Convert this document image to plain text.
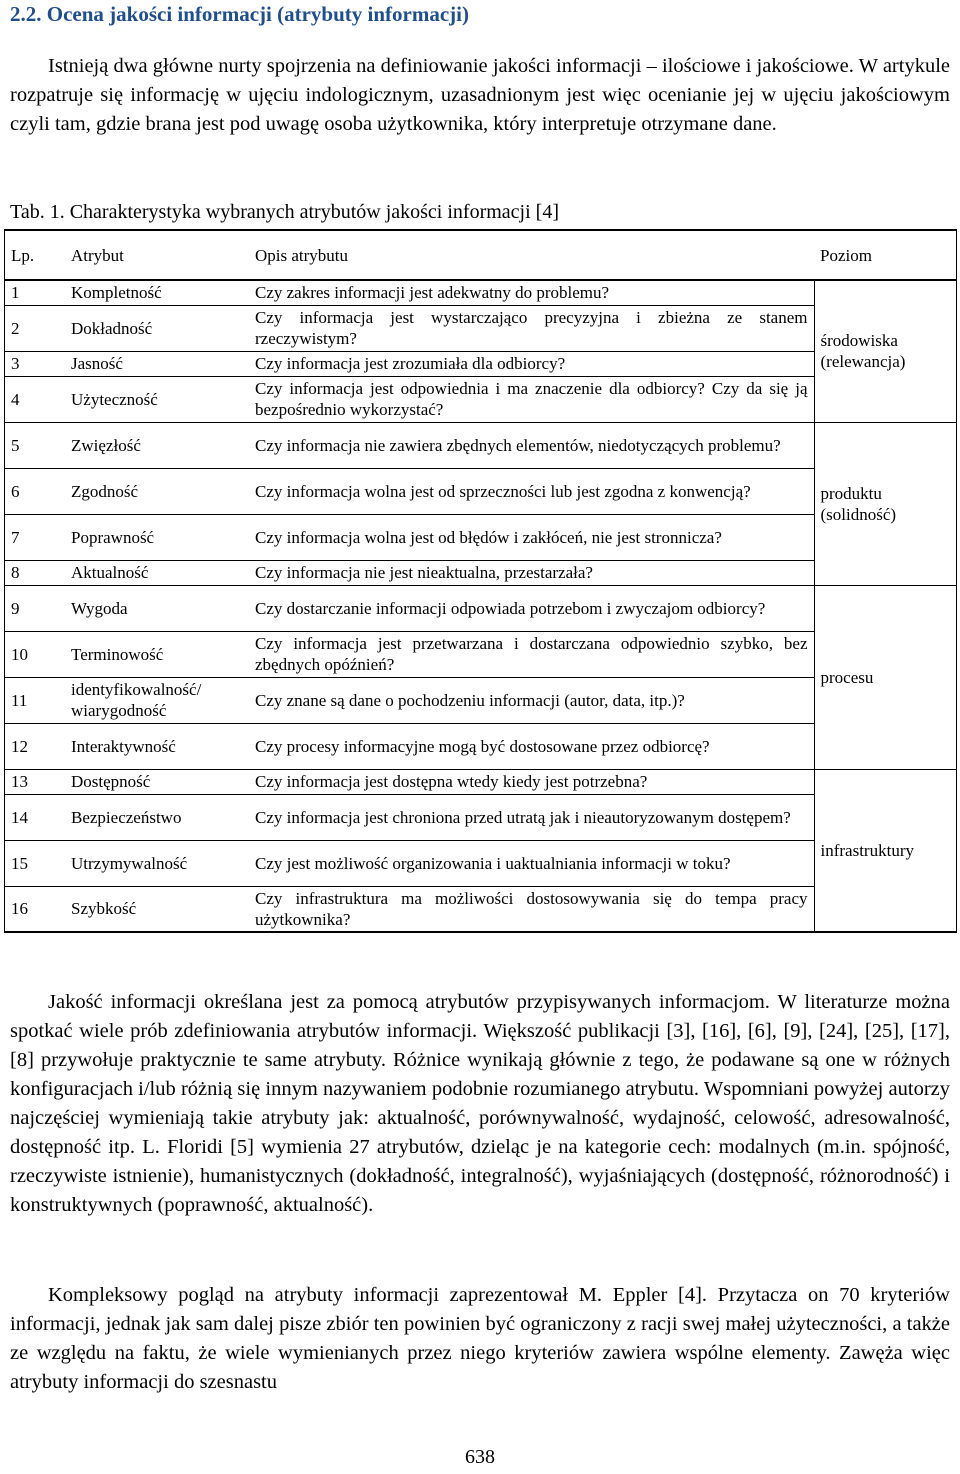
2.2. Ocena jakości informacji (atrybuty informacji)

Istnieją dwa główne nurty spojrzenia na definiowanie jakości informacji – ilościowe i jakościowe. W artykule rozpatruje się informację w ujęciu indologicznym, uzasadnionym jest więc ocenianie jej w ujęciu jakościowym czyli tam, gdzie brana jest pod uwagę osoba użytkownika, który interpretuje otrzymane dane.

Tab. 1. Charakterystyka wybranych atrybutów jakości informacji [4]
Lp.	Atrybut	Opis atrybutu	Poziom
1	Kompletność	Czy zakres informacji jest adekwatny do problemu?	środowiska (relewancja)
2	Dokładność	Czy informacja jest wystarczająco precyzyjna i zbieżna ze stanem rzeczywistym?	
3	Jasność	Czy informacja jest zrozumiała dla odbiorcy?	
4	Użyteczność	Czy informacja jest odpowiednia i ma znaczenie dla odbiorcy? Czy da się ją bezpośrednio wykorzystać?	
5	Zwięzłość	Czy informacja nie zawiera zbędnych elementów, niedotyczących problemu?	produktu (solidność)
6	Zgodność	Czy informacja wolna jest od sprzeczności lub jest zgodna z konwencją?	
7	Poprawność	Czy informacja wolna jest od błędów i zakłóceń, nie jest stronnicza?	
8	Aktualność	Czy informacja nie jest nieaktualna, przestarzała?	
9	Wygoda	Czy dostarczanie informacji odpowiada potrzebom i zwyczajom odbiorcy?	procesu
10	Terminowość	Czy informacja jest przetwarzana i dostarczana odpowiednio szybko, bez zbędnych opóźnień?	
11	identyfikowalność/ wiarygodność	Czy znane są dane o pochodzeniu informacji (autor, data, itp.)?	
12	Interaktywność	Czy procesy informacyjne mogą być dostosowane przez odbiorcę?	
13	Dostępność	Czy informacja jest dostępna wtedy kiedy jest potrzebna?	infrastruktury
14	Bezpieczeństwo	Czy informacja jest chroniona przed utratą jak i nieautoryzowanym dostępem?	
15	Utrzymywalność	Czy jest możliwość organizowania i uaktualniania informacji w toku?	
16	Szybkość	Czy infrastruktura ma możliwości dostosowywania się do tempa pracy użytkownika?	

Jakość informacji określana jest za pomocą atrybutów przypisywanych informacjom. W literaturze można spotkać wiele prób zdefiniowania atrybutów informacji. Większość publikacji [3], [16], [6], [9], [24], [25], [17], [8] przywołuje praktycznie te same atrybuty. Różnice wynikają głównie z tego, że podawane są one w różnych konfiguracjach i/lub różnią się innym nazywaniem podobnie rozumianego atrybutu. Wspomniani powyżej autorzy najczęściej wymieniają takie atrybuty jak: aktualność, porównywalność, wydajność, celowość, adresowalność, dostępność itp. L. Floridi [5] wymienia 27 atrybutów, dzieląc je na kategorie cech: modalnych (m.in. spójność, rzeczywiste istnienie), humanistycznych (dokładność, integralność), wyjaśniających (dostępność, różnorodność) i konstruktywnych (poprawność, aktualność).

Kompleksowy pogląd na atrybuty informacji zaprezentował M. Eppler [4]. Przytacza on 70 kryteriów informacji, jednak jak sam dalej pisze zbiór ten powinien być ograniczony z racji swej małej użyteczności, a także ze względu na faktu, że wiele wymienianych przez niego kryteriów zawiera wspólne elementy. Zawęża więc atrybuty informacji do szesnastu

638
